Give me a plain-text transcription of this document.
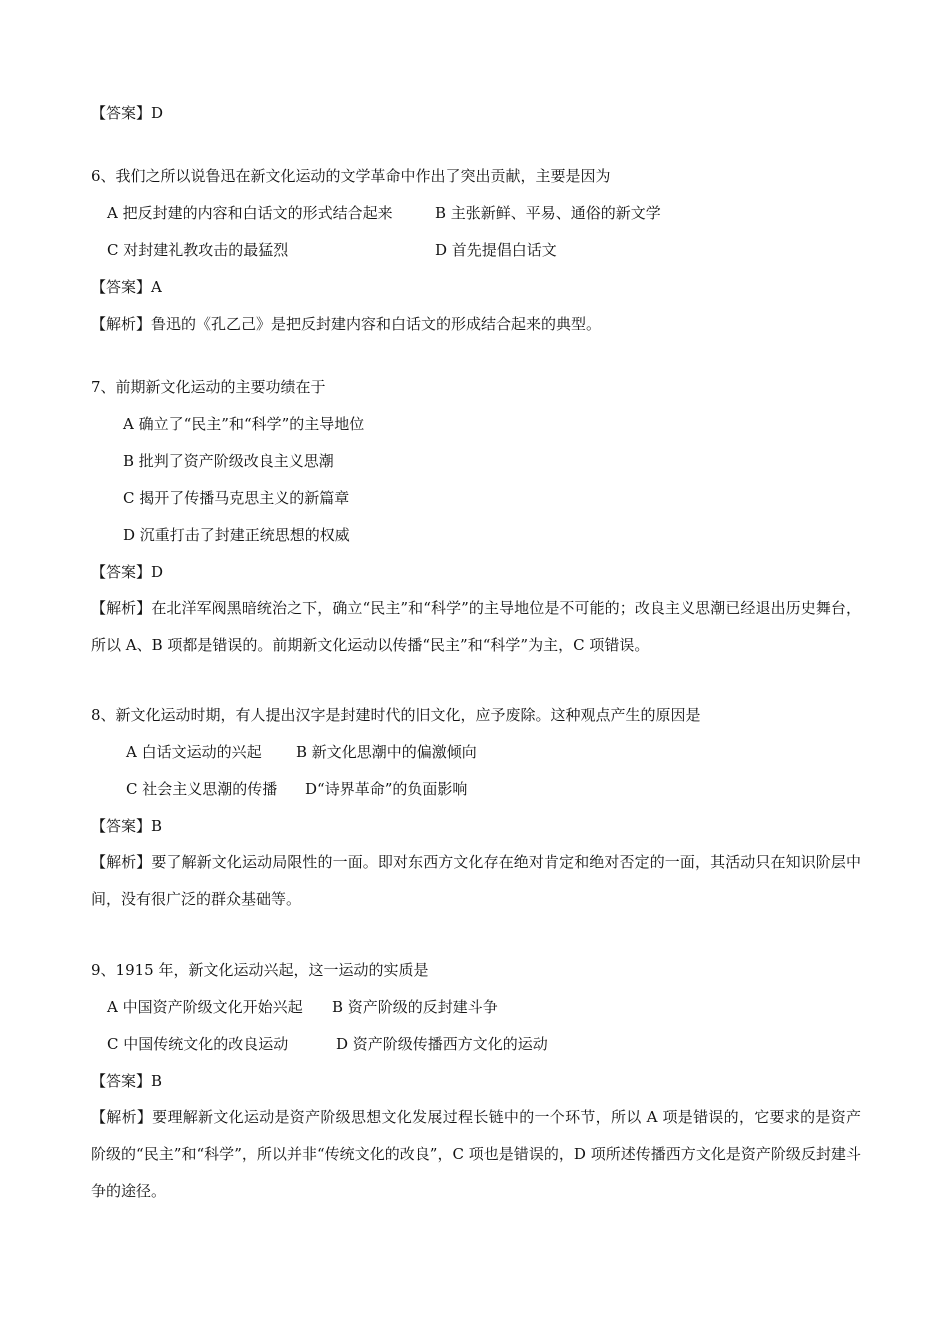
【答案】D
6、我们之所以说鲁迅在新文化运动的文学革命中作出了突出贡献，主要是因为
A 把反封建的内容和白话文的形式结合起来	B 主张新鲜、平易、通俗的新文学
C 对封建礼教攻击的最猛烈	D 首先提倡白话文
【答案】A
【解析】鲁迅的《孔乙己》是把反封建内容和白话文的形成结合起来的典型。
7、前期新文化运动的主要功绩在于
A 确立了“民主”和“科学”的主导地位
B 批判了资产阶级改良主义思潮
C 揭开了传播马克思主义的新篇章
D 沉重打击了封建正统思想的权威
【答案】D
【解析】在北洋军阀黑暗统治之下，确立“民主”和“科学”的主导地位是不可能的；改良主义思潮已经退出历史舞台，所以 A、B 项都是错误的。前期新文化运动以传播“民主”和“科学”为主，C 项错误。
8、新文化运动时期，有人提出汉字是封建时代的旧文化，应予废除。这种观点产生的原因是
A 白话文运动的兴起 B 新文化思潮中的偏激倾向
C 社会主义思潮的传播 D“诗界革命”的负面影响
【答案】B
【解析】要了解新文化运动局限性的一面。即对东西方文化存在绝对肯定和绝对否定的一面，其活动只在知识阶层中间，没有很广泛的群众基础等。
9、1915 年，新文化运动兴起，这一运动的实质是
A 中国资产阶级文化开始兴起 B 资产阶级的反封建斗争
C 中国传统文化的改良运动	D 资产阶级传播西方文化的运动
【答案】B
【解析】要理解新文化运动是资产阶级思想文化发展过程长链中的一个环节，所以 A 项是错误的，它要求的是资产阶级的“民主”和“科学”，所以并非“传统文化的改良”，C 项也是错误的，D 项所述传播西方文化是资产阶级反封建斗争的途径。
